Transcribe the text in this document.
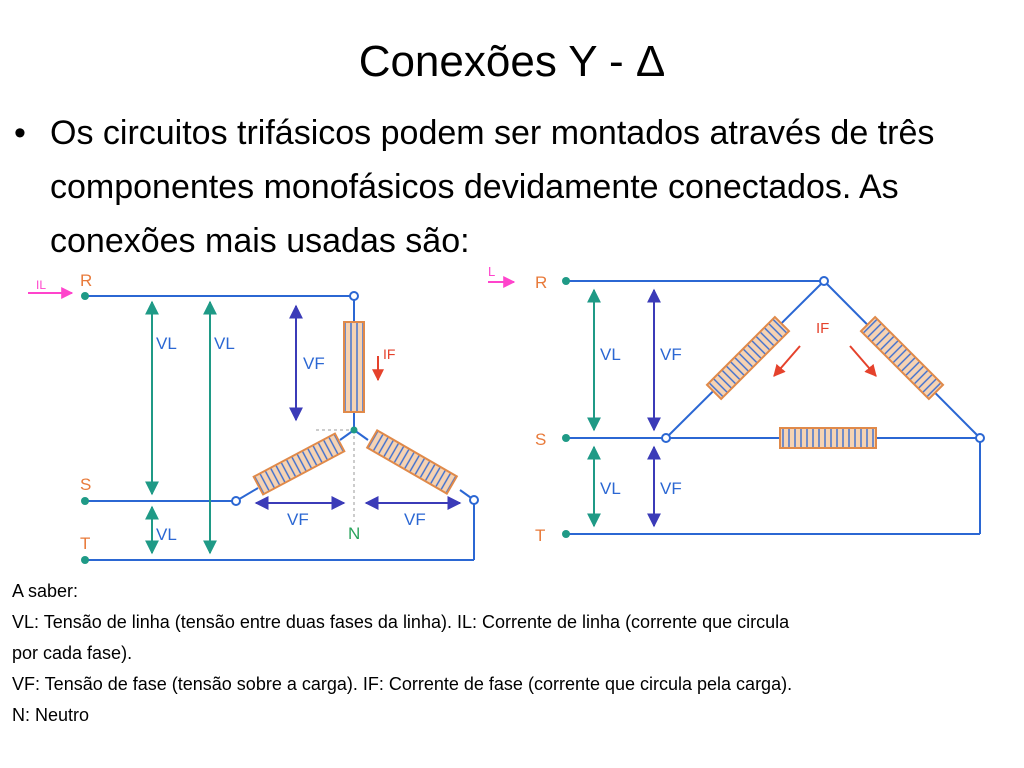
Conexões Y - Δ
• Os circuitos trifásicos podem ser montados através de três componentes monofásicos devidamente conectados. As conexões mais usadas são:
R
S
T
IL
VL VL
VL
VF
VF	VF
IF
N
R
S
T
L
VL VF
VL VF
IF
A saber:
VL: Tensão de linha (tensão entre duas fases da linha). IL: Corrente de linha (corrente que circula
por cada fase).
VF: Tensão de fase (tensão sobre a carga). IF: Corrente de fase (corrente que circula pela carga).
N: Neutro
